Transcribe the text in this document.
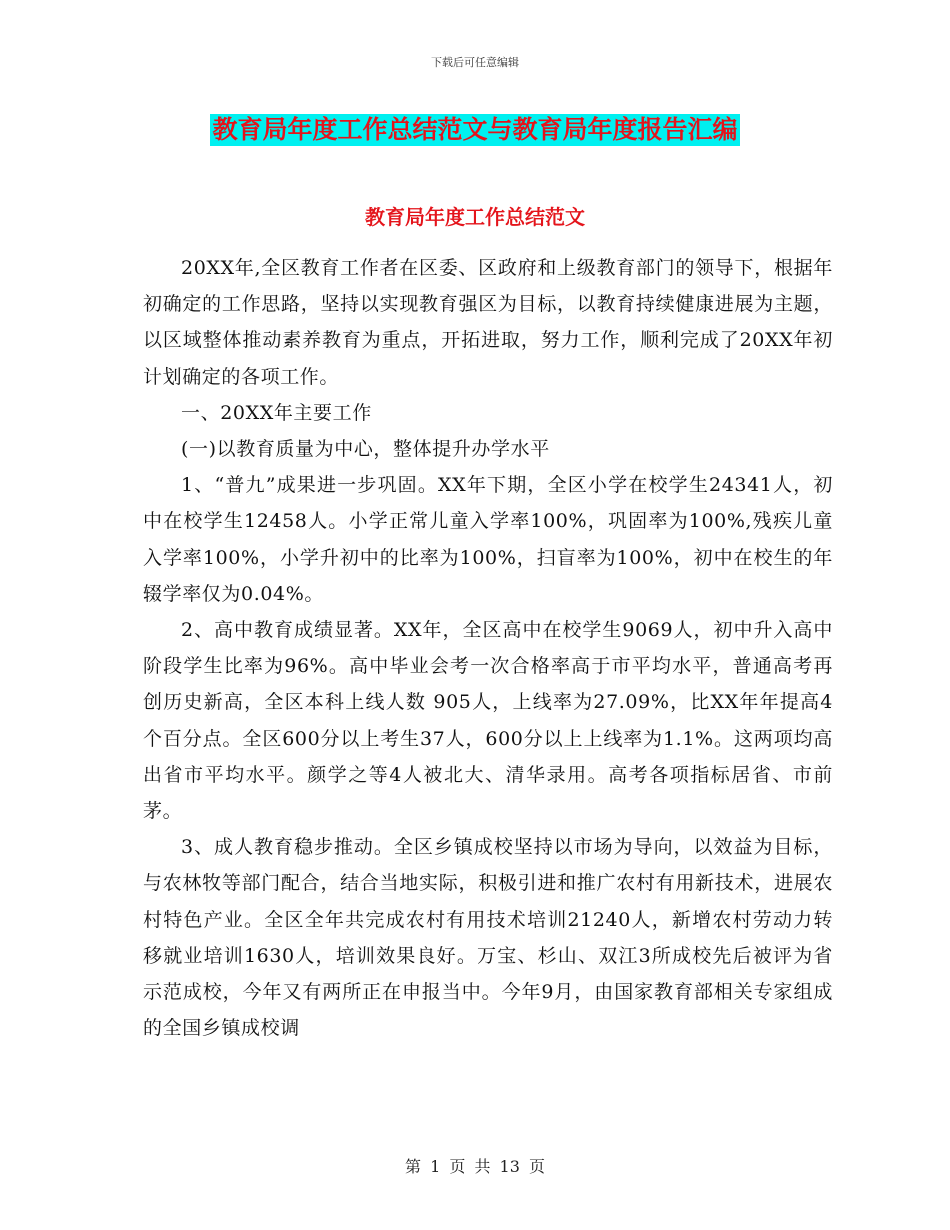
下载后可任意编辑
教育局年度工作总结范文与教育局年度报告汇编
教育局年度工作总结范文

20XX年,全区教育工作者在区委、区政府和上级教育部门的领导下，根据年初确定的工作思路，坚持以实现教育强区为目标，以教育持续健康进展为主题，以区域整体推动素养教育为重点，开拓进取，努力工作，顺利完成了20XX年初计划确定的各项工作。

一、20XX年主要工作

(一)以教育质量为中心，整体提升办学水平

1、“普九”成果进一步巩固。XX年下期，全区小学在校学生24341人，初中在校学生12458人。小学正常儿童入学率100%，巩固率为100%,残疾儿童入学率100%，小学升初中的比率为100%，扫盲率为100%，初中在校生的年辍学率仅为0.04%。

2、高中教育成绩显著。XX年，全区高中在校学生9069人，初中升入高中阶段学生比率为96%。高中毕业会考一次合格率高于市平均水平，普通高考再创历史新高，全区本科上线人数 905人，上线率为27.09%，比XX年年提高4个百分点。全区600分以上考生37人，600分以上上线率为1.1%。这两项均高出省市平均水平。颜学之等4人被北大、清华录用。高考各项指标居省、市前茅。

3、成人教育稳步推动。全区乡镇成校坚持以市场为导向，以效益为目标，与农林牧等部门配合，结合当地实际，积极引进和推广农村有用新技术，进展农村特色产业。全区全年共完成农村有用技术培训21240人，新增农村劳动力转移就业培训1630人，培训效果良好。万宝、杉山、双江3所成校先后被评为省示范成校，今年又有两所正在申报当中。今年9月，由国家教育部相关专家组成的全国乡镇成校调

第 1 页 共 13 页
